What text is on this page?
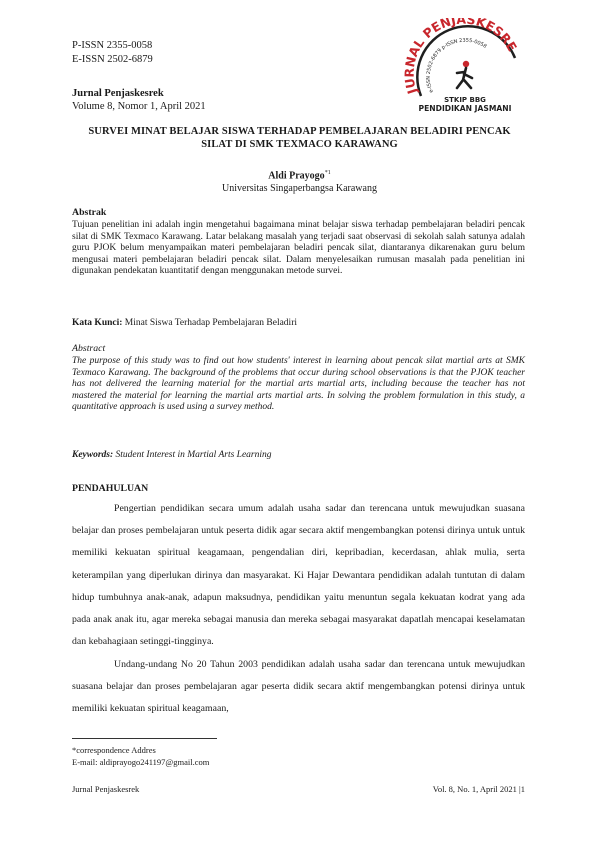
P-ISSN 2355-0058
E-ISSN 2502-6879
Jurnal Penjaskesrek
Volume 8, Nomor 1, April 2021
JURNAL PENJASKESRE
e-ISSN 2502-6879 p-ISSN 2355-0058
STKIP BBG
PENDIDIKAN JASMANI
SURVEI MINAT BELAJAR SISWA TERHADAP PEMBELAJARAN BELADIRI PENCAK SILAT DI SMK TEXMACO KARAWANG
Aldi Prayogo$^{*1}$
Universitas Singaperbangsa Karawang
Abstrak
Tujuan penelitian ini adalah ingin mengetahui bagaimana minat belajar siswa terhadap pembelajaran beladiri pencak silat di SMK Texmaco Karawang. Latar belakang masalah yang terjadi saat observasi di sekolah salah satunya adalah guru PJOK belum menyampaikan materi pembelajaran beladiri pencak silat, diantaranya dikarenakan guru belum mengusai materi pembelajaran beladiri pencak silat. Dalam menyelesaikan rumusan masalah pada penelitian ini digunakan pendekatan kuantitatif dengan menggunakan metode survei.
Kata Kunci: Minat Siswa Terhadap Pembelajaran Beladiri
Abstract
The purpose of this study was to find out how students' interest in learning about pencak silat martial arts at SMK Texmaco Karawang. The background of the problems that occur during school observations is that the PJOK teacher has not delivered the learning material for the martial arts martial arts, including because the teacher has not mastered the material for learning the martial arts martial arts. In solving the problem formulation in this study, a quantitative approach is used using a survey method.
Keywords: Student Interest in Martial Arts Learning
PENDAHULUAN
Pengertian pendidikan secara umum adalah usaha sadar dan terencana untuk mewujudkan suasana belajar dan proses pembelajaran untuk peserta didik agar secara aktif mengembangkan potensi dirinya untuk untuk memiliki kekuatan spiritual keagamaan, pengendalian diri, kepribadian, kecerdasan, ahlak mulia, serta keterampilan yang diperlukan dirinya dan masyarakat. Ki Hajar Dewantara pendidikan adalah tuntutan di dalam hidup tumbuhnya anak-anak, adapun maksudnya, pendidikan yaitu menuntun segala kekuatan kodrat yang ada pada anak anak itu, agar mereka sebagai manusia dan mereka sebagai masyarakat dapatlah mencapai keselamatan dan kebahagiaan setinggi-tingginya.
Undang-undang No 20 Tahun 2003 pendidikan adalah usaha sadar dan terencana untuk mewujudkan suasana belajar dan proses pembelajaran agar peserta didik secara aktif mengembangkan potensi dirinya untuk memiliki kekuatan spiritual keagamaan,
*correspondence Addres
E-mail: aldiprayogo241197@gmail.com
Jurnal Penjaskesrek	Vol. 8, No. 1, April 2021 |1
